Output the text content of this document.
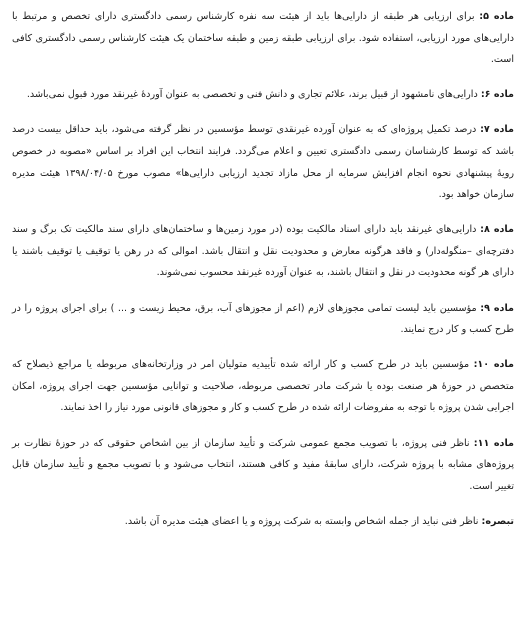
ماده ۵: برای ارزیابی هر طبقه از دارایی‌ها باید از هیئت سه نفره کارشناس رسمی دادگستری دارای تخصص و مرتبط با دارایی‌های مورد ارزیابی، استفاده شود. برای ارزیابی طبقه زمین و طبقه ساختمان یک هیئت کارشناس رسمی دادگستری کافی است.

ماده ۶: دارایی‌های نامشهود از قبیل برند، علائم تجاری و دانش فنی و تخصصی به عنوان آوردهٔ غیرنقد مورد قبول نمی‌باشد.

ماده ۷: درصد تکمیل پروژه‌ای که به عنوان آورده غیرنقدی توسط مؤسسین در نظر گرفته می‌شود، باید حداقل بیست درصد باشد که توسط کارشناسان رسمی دادگستری تعیین و اعلام می‌گردد. فرایند انتخاب این افراد بر اساس «مصوبه در خصوص رویهٔ پیشنهادی نحوه انجام افزایش سرمایه از محل مازاد تجدید ارزیابی دارایی‌ها» مصوب مورخ ۱۳۹۸/۰۴/۰۵ هیئت مدیره سازمان خواهد بود.

ماده ۸: دارایی‌های غیرنقد باید دارای اسناد مالکیت بوده (در مورد زمین‌ها و ساختمان‌های دارای سند مالکیت تک برگ و سند دفترچه‌ای –منگوله‌دار) و فاقد هرگونه معارض و محدودیت نقل و انتقال باشد. اموالی که در رهن یا توقیف یا توقیف باشند یا دارای هر گونه محدودیت در نقل و انتقال باشند، به عنوان آورده غیرنقد محسوب نمی‌شوند.

ماده ۹: مؤسسین باید لیست تمامی مجوزهای لازم (اعم از مجوزهای آب، برق، محیط زیست و ... ) برای اجرای پروژه را در طرح کسب و کار درج نمایند.

ماده ۱۰: مؤسسین باید در طرح کسب و کار ارائه شده تأییدیه متولیان امر در وزارتخانه‌های مربوطه یا مراجع ذیصلاح که متخصص در حوزهٔ هر صنعت بوده یا شرکت مادر تخصصی مربوطه، صلاحیت و توانایی مؤسسین جهت اجرای پروژه، امکان اجرایی شدن پروژه با توجه به مفروضات ارائه شده در طرح کسب و کار و مجوزهای قانونی مورد نیاز را اخذ نمایند.

ماده ۱۱: ناظر فنی پروژه، با تصویب مجمع عمومی شرکت و تأیید سازمان از بین اشخاص حقوقی که در حوزهٔ نظارت بر پروژه‌های مشابه با پروژه شرکت، دارای سابقهٔ مفید و کافی هستند، انتخاب می‌شود و با تصویب مجمع و تأیید سازمان قابل تغییر است.

تبصره: ناظر فنی نباید از جمله اشخاص وابسته به شرکت پروژه و یا اعضای هیئت مدیره آن باشد.
